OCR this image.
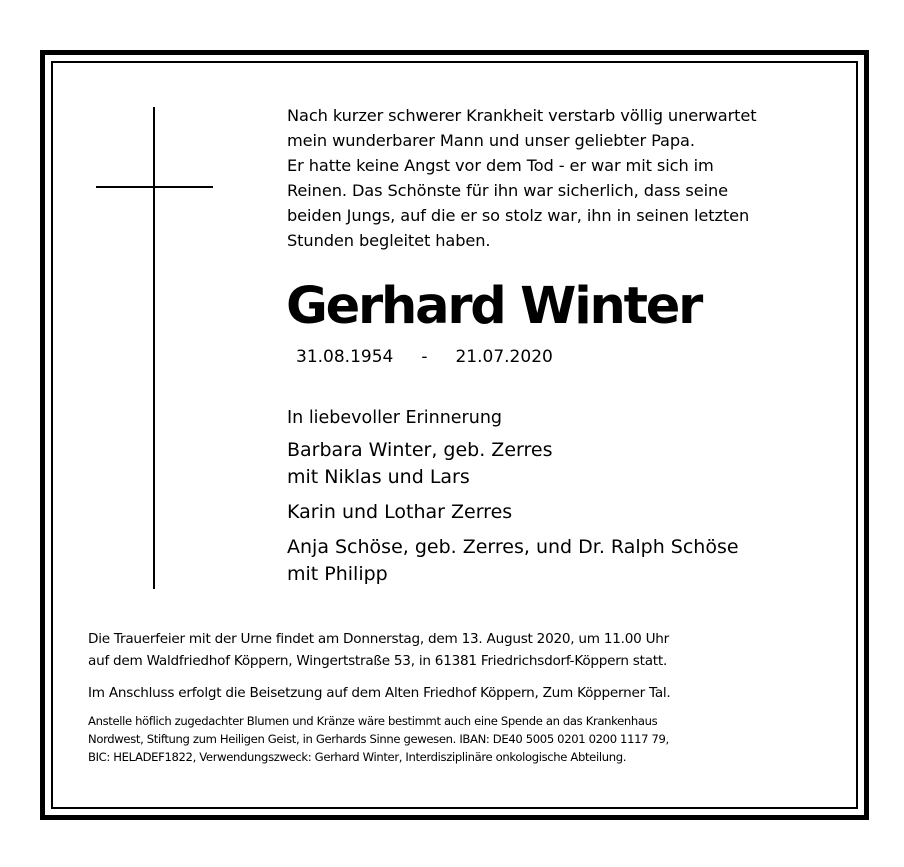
Nach kurzer schwerer Krankheit verstarb völlig unerwartet

mein wunderbarer Mann und unser geliebter Papa.

Er hatte keine Angst vor dem Tod - er war mit sich im

Reinen. Das Schönste für ihn war sicherlich, dass seine

beiden Jungs, auf die er so stolz war, ihn in seinen letzten

Stunden begleitet haben.

Gerhard Winter
31.08.1954 - 21.07.2020
In liebevoller Erinnerung
Barbara Winter, geb. Zerres
mit Niklas und Lars
Karin und Lothar Zerres
Anja Schöse, geb. Zerres, und Dr. Ralph Schöse
mit Philipp

Die Trauerfeier mit der Urne findet am Donnerstag, dem 13. August 2020, um 11.00 Uhr

auf dem Waldfriedhof Köppern, Wingertstraße 53, in 61381 Friedrichsdorf-Köppern statt.

Im Anschluss erfolgt die Beisetzung auf dem Alten Friedhof Köppern, Zum Köpperner Tal.

Anstelle höflich zugedachter Blumen und Kränze wäre bestimmt auch eine Spende an das Krankenhaus

Nordwest, Stiftung zum Heiligen Geist, in Gerhards Sinne gewesen. IBAN: DE40 5005 0201 0200 1117 79,

BIC: HELADEF1822, Verwendungszweck: Gerhard Winter, Interdisziplinäre onkologische Abteilung.
